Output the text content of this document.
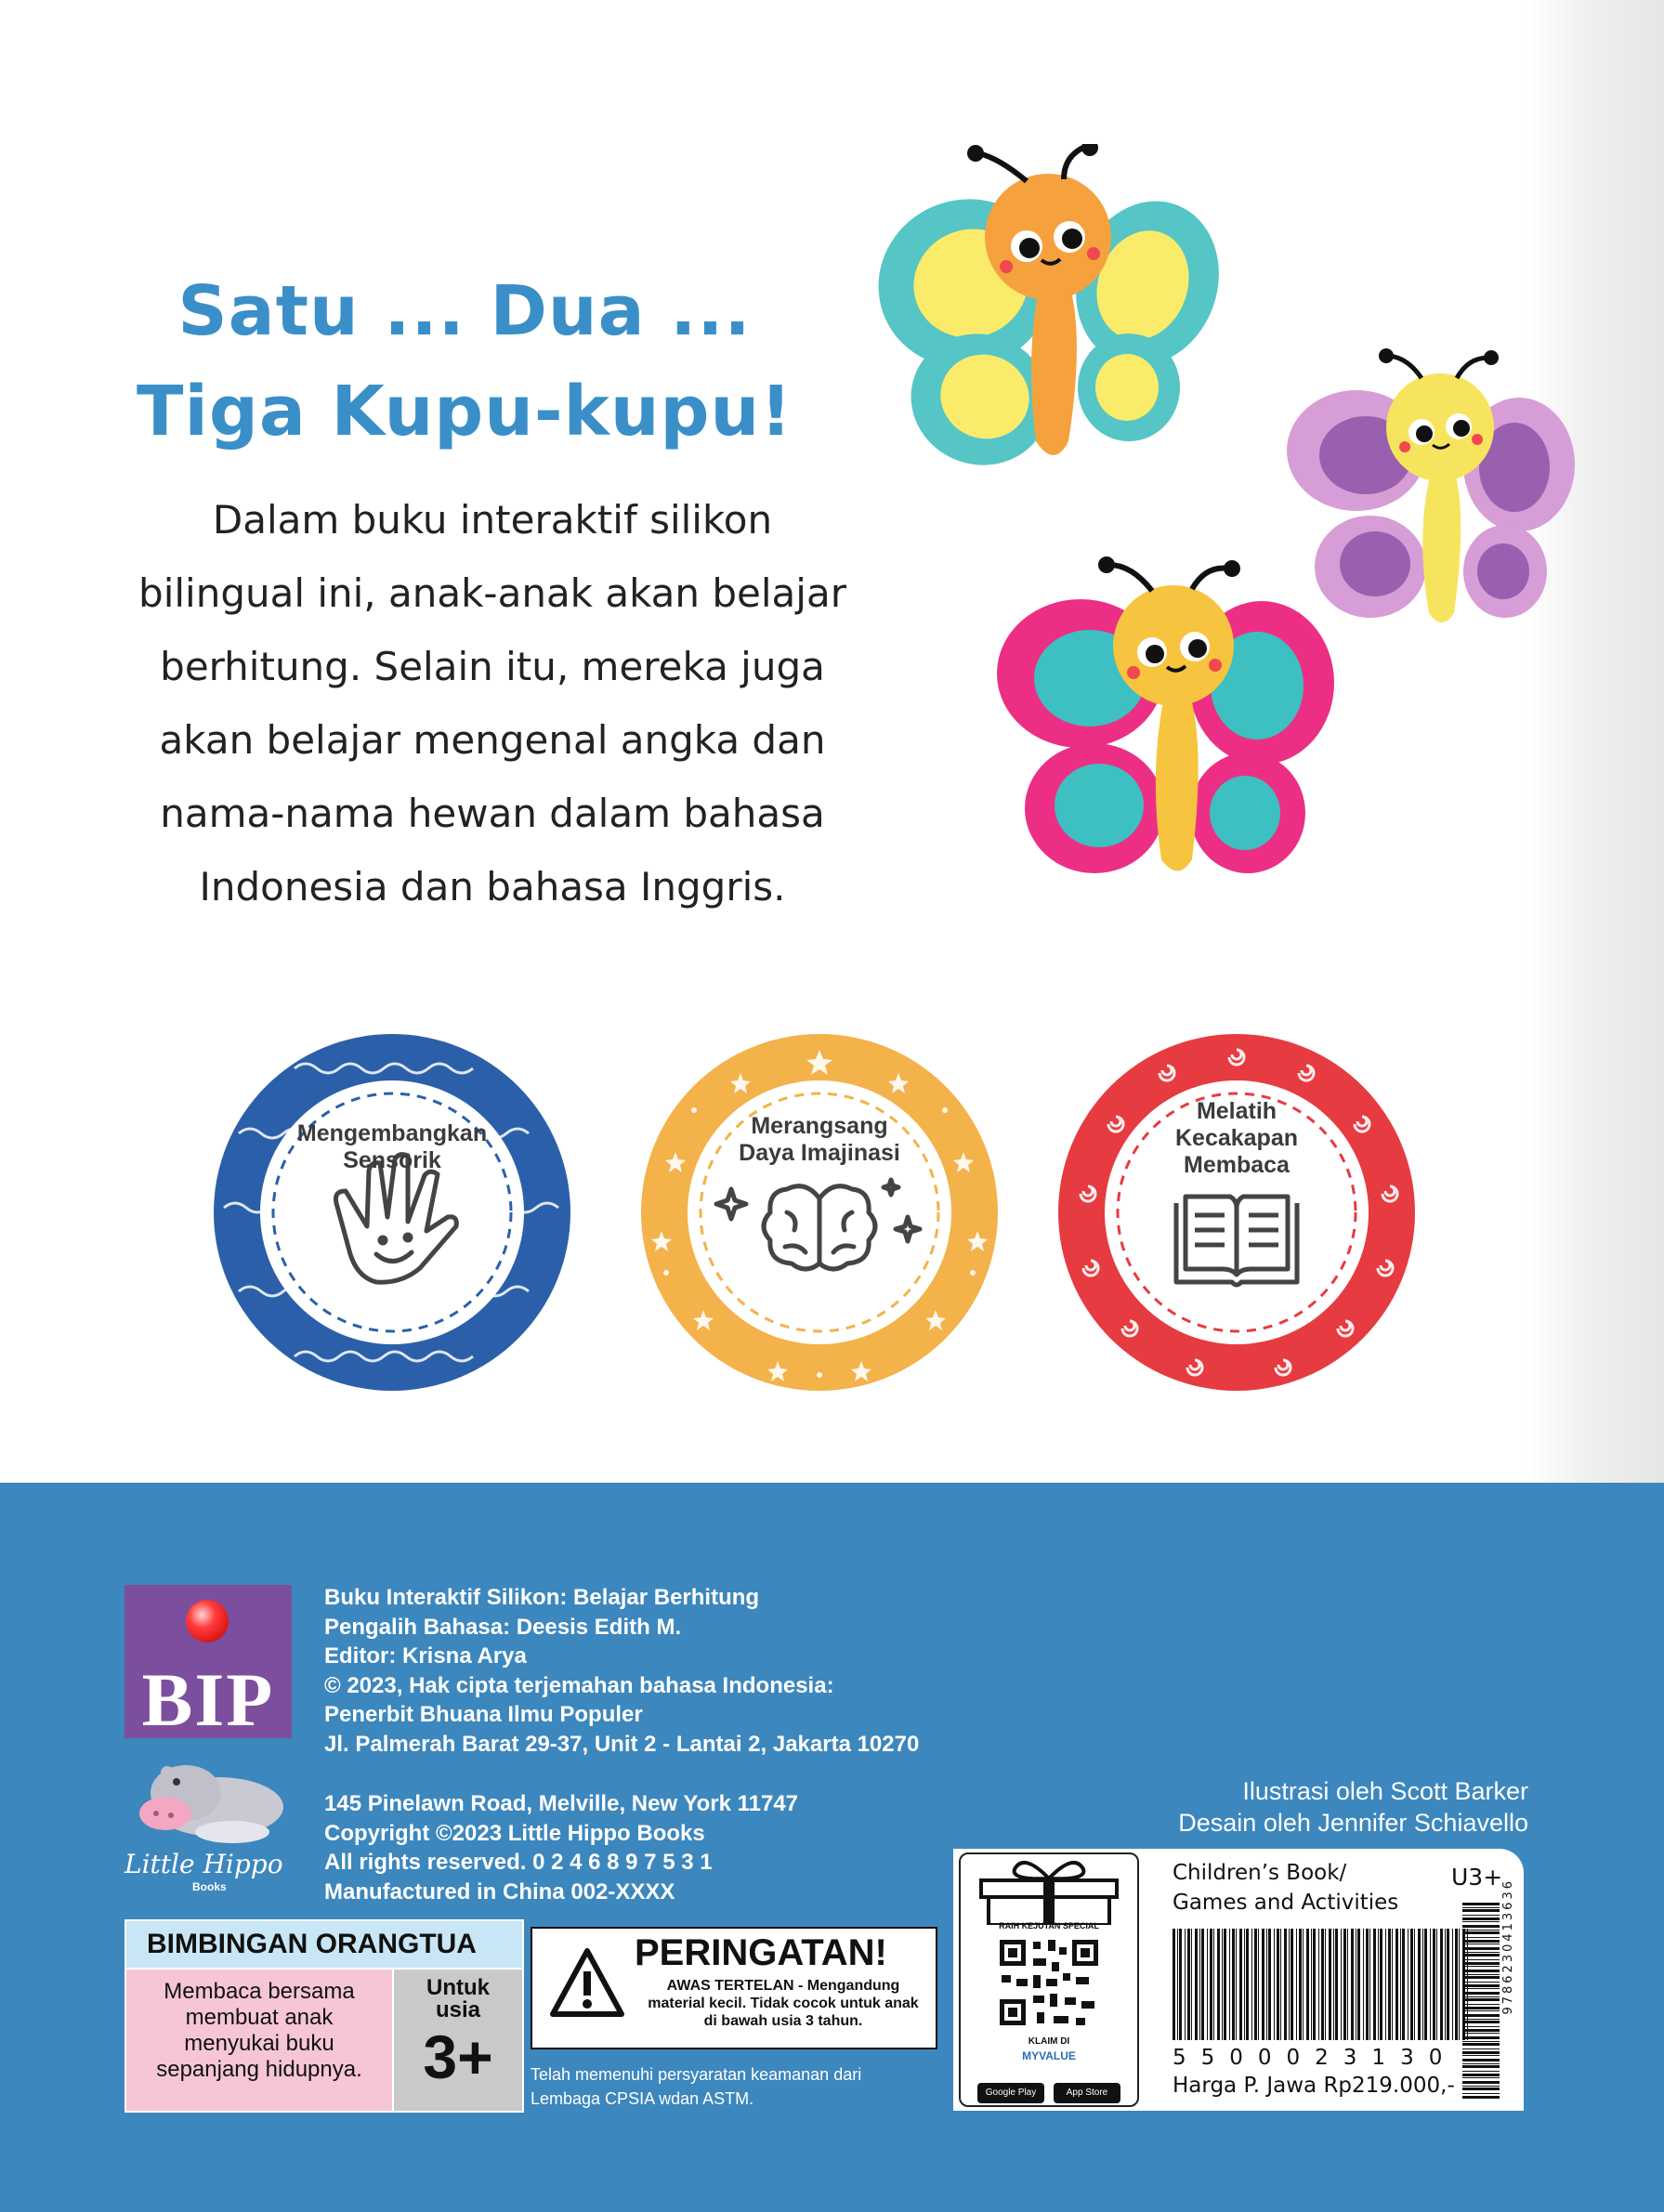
Satu ... Dua ...
Tiga Kupu-kupu!
Dalam buku interaktif silikon
bilingual ini, anak-anak akan belajar
berhitung. Selain itu, mereka juga
akan belajar mengenal angka dan
nama-nama hewan dalam bahasa
Indonesia dan bahasa Inggris.
Mengembangkan
Sensorik
Merangsang
Daya Imajinasi
Melatih
Kecakapan
Membaca
BIP
Little Hippo
Books
Buku Interaktif Silikon: Belajar Berhitung
Pengalih Bahasa: Deesis Edith M.
Editor: Krisna Arya
© 2023, Hak cipta terjemahan bahasa Indonesia:
Penerbit Bhuana Ilmu Populer
Jl. Palmerah Barat 29-37, Unit 2 - Lantai 2, Jakarta 10270
145 Pinelawn Road, Melville, New York 11747
Copyright ©2023 Little Hippo Books
All rights reserved. 0 2 4 6 8 9 7 5 3 1
Manufactured in China 002-XXXX
Ilustrasi oleh Scott Barker
Desain oleh Jennifer Schiavello
BIMBINGAN ORANGTUA
Membaca bersama
membuat anak
menyukai buku
sepanjang hidupnya.
Untuk
usia
3+
PERINGATAN!
AWAS TERTELAN - Mengandung
material kecil. Tidak cocok untuk anak
di bawah usia 3 tahun.
Telah memenuhi persyaratan keamanan dari
Lembaga CPSIA wdan ASTM.
RAIH KEJUTAN SPECIAL
KLAIM DI
MYVALUE
Google Play	App Store
Children’s Book/
Games and Activities
U3+
5500023130
Harga P. Jawa Rp219.000,-
9786230413636
